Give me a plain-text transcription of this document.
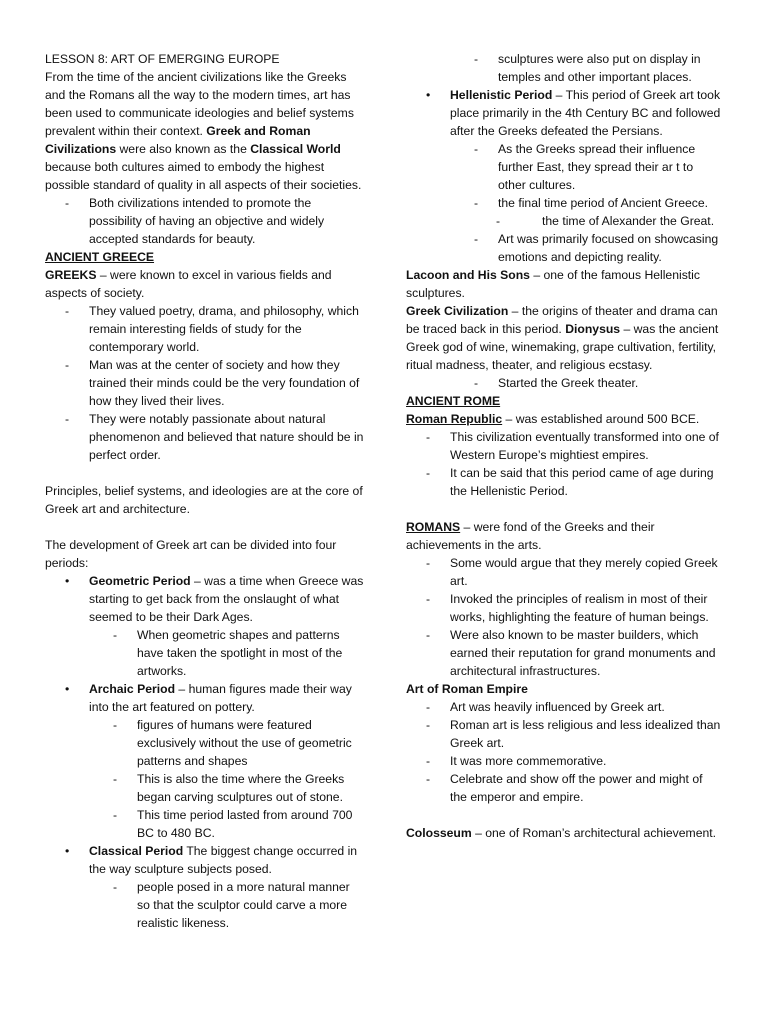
LESSON 8: ART OF EMERGING EUROPE

From the time of the ancient civilizations like the Greeks and the Romans all the way to the modern times, art has been used to communicate ideologies and belief systems prevalent within their context. Greek and Roman Civilizations were also known as the Classical World because both cultures aimed to embody the highest possible standard of quality in all aspects of their societies.

- Both civilizations intended to promote the possibility of having an objective and widely accepted standards for beauty.

ANCIENT GREECE

GREEKS – were known to excel in various fields and aspects of society.

- They valued poetry, drama, and philosophy, which remain interesting fields of study for the contemporary world.

- Man was at the center of society and how they trained their minds could be the very foundation of how they lived their lives.

- They were notably passionate about natural phenomenon and believed that nature should be in perfect order.

Principles, belief systems, and ideologies are at the core of Greek art and architecture.

The development of Greek art can be divided into four periods:

• Geometric Period – was a time when Greece was starting to get back from the onslaught of what seemed to be their Dark Ages.

- When geometric shapes and patterns have taken the spotlight in most of the artworks.

• Archaic Period – human figures made their way into the art featured on pottery.

- figures of humans were featured exclusively without the use of geometric patterns and shapes

- This is also the time where the Greeks began carving sculptures out of stone.

- This time period lasted from around 700 BC to 480 BC.

• Classical Period The biggest change occurred in the way sculpture subjects posed.

- people posed in a more natural manner so that the sculptor could carve a more realistic likeness.

- sculptures were also put on display in temples and other important places.

• Hellenistic Period – This period of Greek art took place primarily in the 4th Century BC and followed after the Greeks defeated the Persians.

- As the Greeks spread their influence further East, they spread their ar t to other cultures.

- the final time period of Ancient Greece.

- the time of Alexander the Great.

- Art was primarily focused on showcasing emotions and depicting reality.

Lacoon and His Sons – one of the famous Hellenistic sculptures.

Greek Civilization – the origins of theater and drama can be traced back in this period. Dionysus – was the ancient Greek god of wine, winemaking, grape cultivation, fertility, ritual madness, theater, and religious ecstasy.

- Started the Greek theater.

ANCIENT ROME

Roman Republic – was established around 500 BCE.

- This civilization eventually transformed into one of Western Europe’s mightiest empires.

- It can be said that this period came of age during the Hellenistic Period.

ROMANS – were fond of the Greeks and their achievements in the arts.

- Some would argue that they merely copied Greek art.

- Invoked the principles of realism in most of their works, highlighting the feature of human beings.

- Were also known to be master builders, which earned their reputation for grand monuments and architectural infrastructures.

Art of Roman Empire

- Art was heavily influenced by Greek art.

- Roman art is less religious and less idealized than Greek art.

- It was more commemorative.

- Celebrate and show off the power and might of the emperor and empire.

Colosseum – one of Roman’s architectural achievement.
